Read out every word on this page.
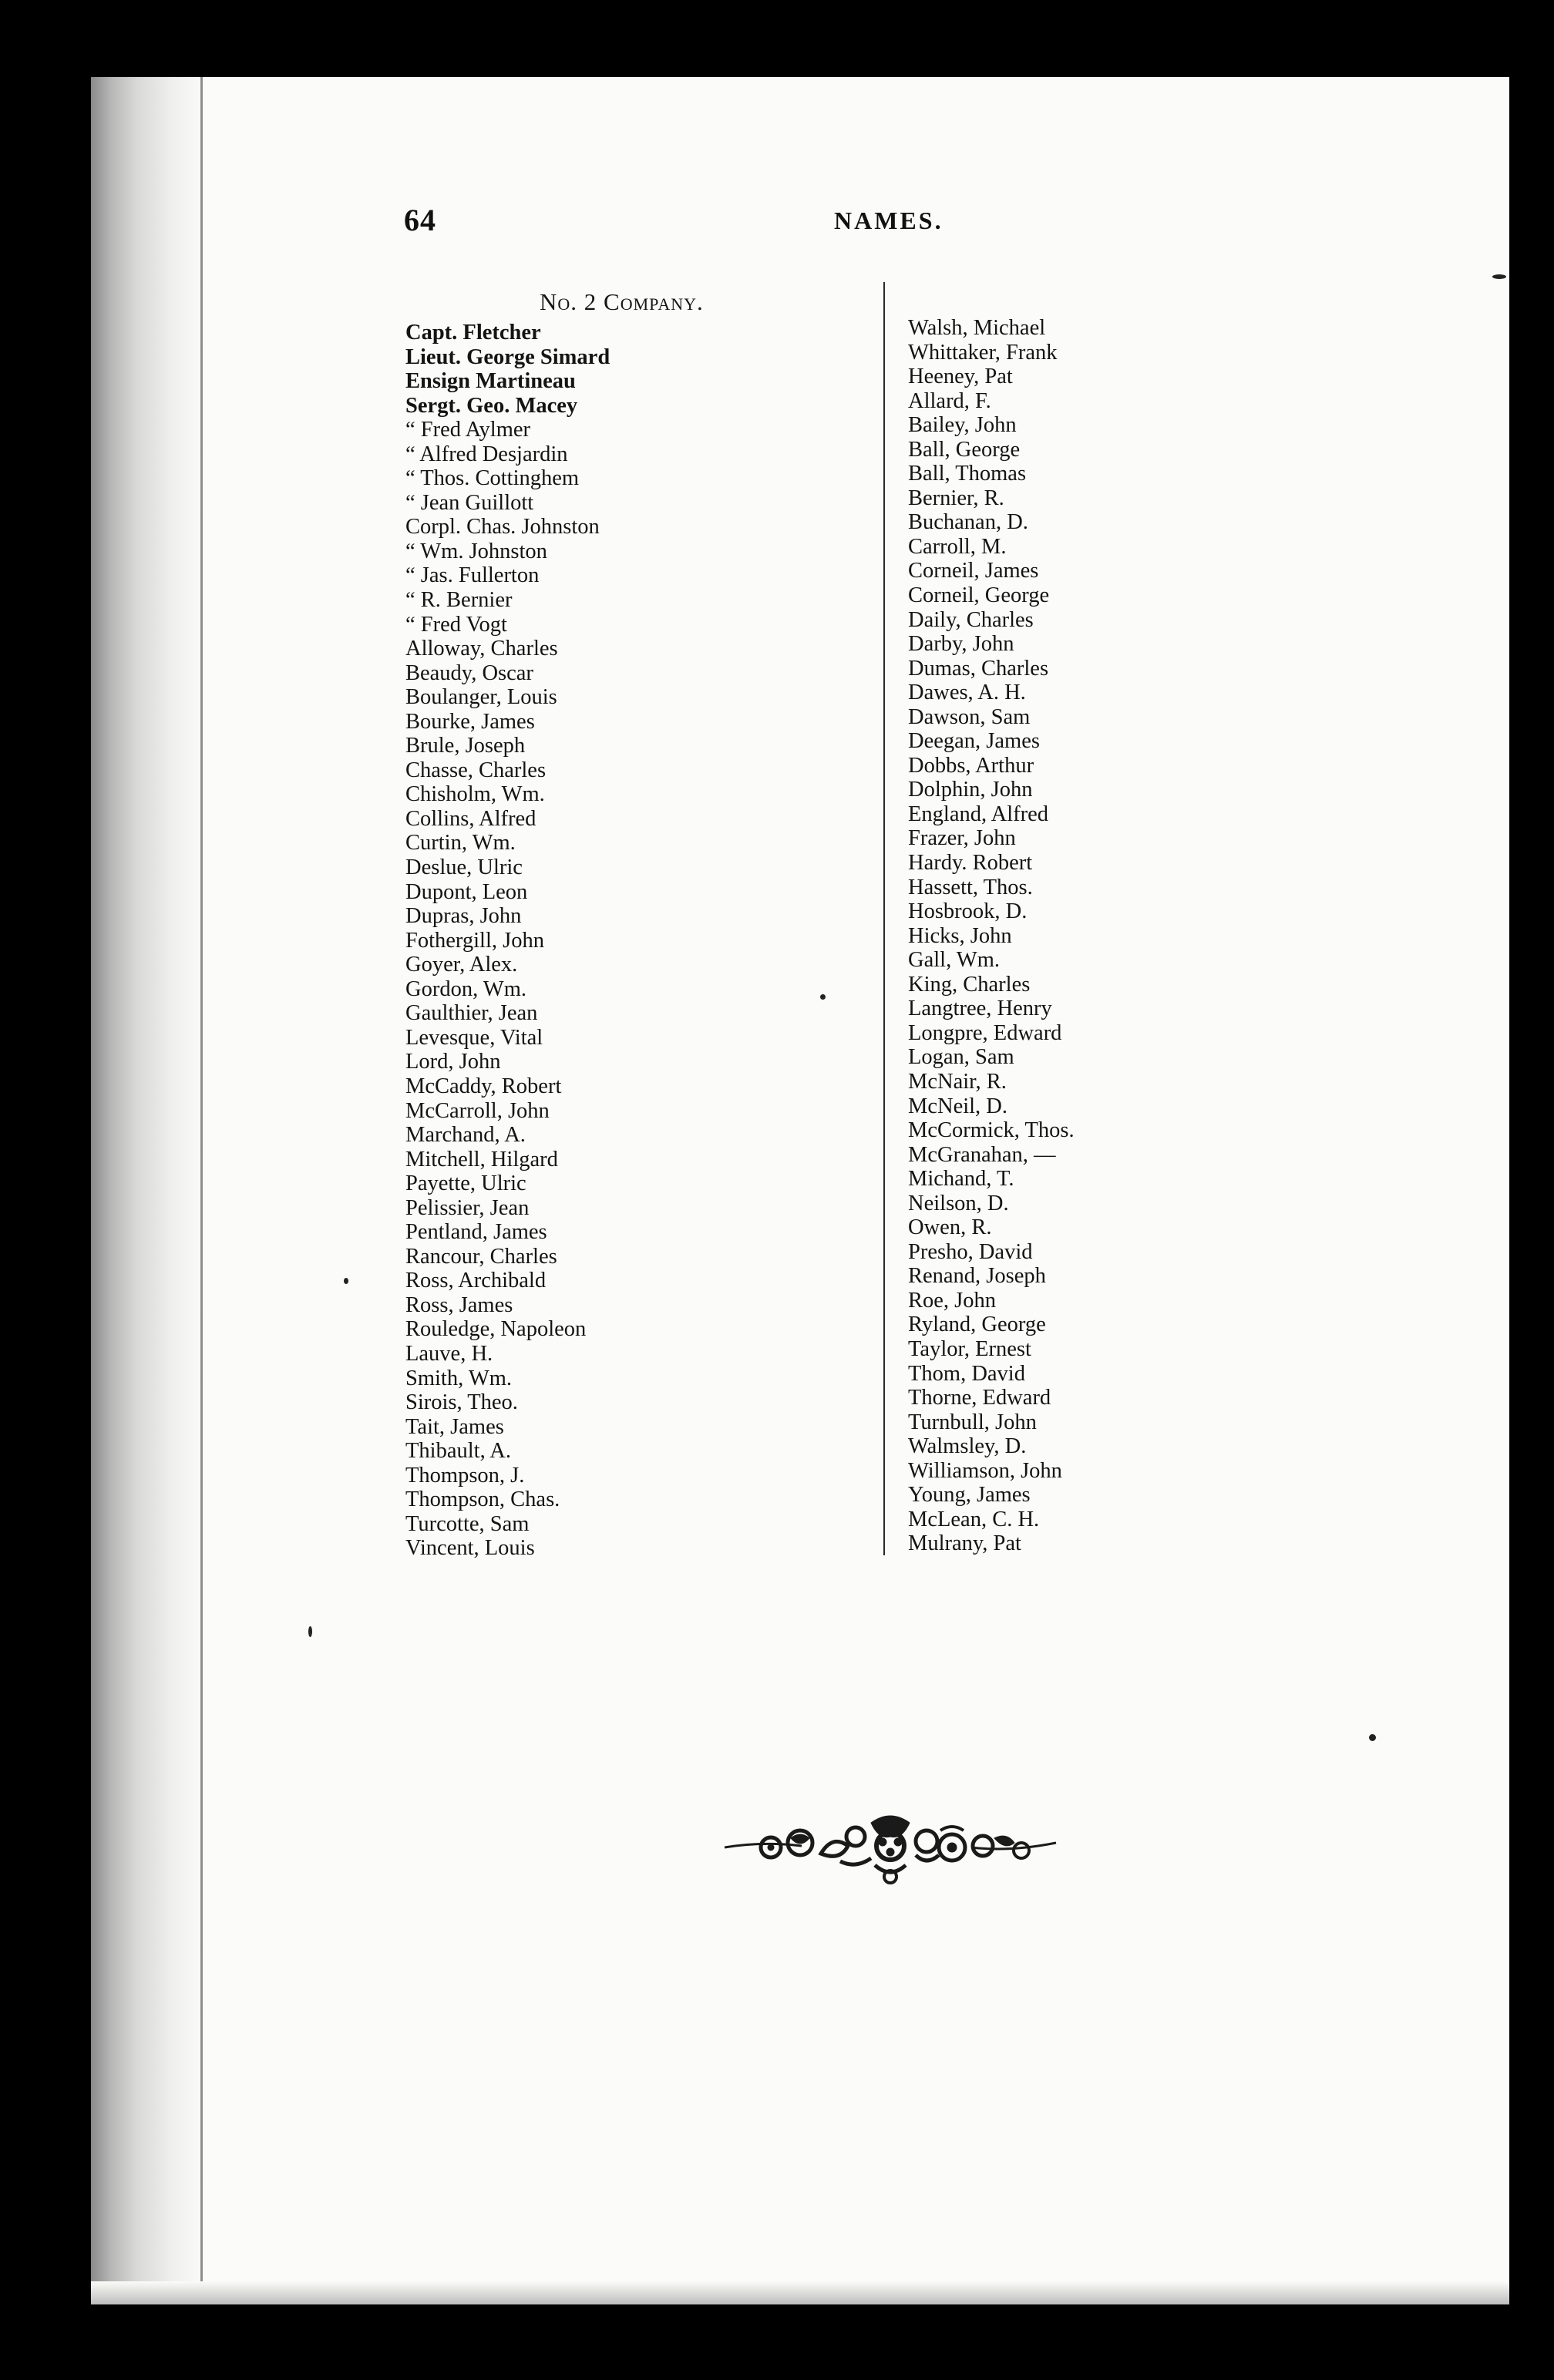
64	NAMES.
No. 2 Company.
Capt. Fletcher
Lieut. George Simard
Ensign Martineau
Sergt. Geo. Macey
“ Fred Aylmer
“ Alfred Desjardin
“ Thos. Cottinghem
“ Jean Guillott
Corpl. Chas. Johnston
“ Wm. Johnston
“ Jas. Fullerton
“ R. Bernier
“ Fred Vogt
Alloway, Charles
Beaudy, Oscar
Boulanger, Louis
Bourke, James
Brule, Joseph
Chasse, Charles
Chisholm, Wm.
Collins, Alfred
Curtin, Wm.
Deslue, Ulric
Dupont, Leon
Dupras, John
Fothergill, John
Goyer, Alex.
Gordon, Wm.
Gaulthier, Jean
Levesque, Vital
Lord, John
McCaddy, Robert
McCarroll, John
Marchand, A.
Mitchell, Hilgard
Payette, Ulric
Pelissier, Jean
Pentland, James
Rancour, Charles
Ross, Archibald
Ross, James
Rouledge, Napoleon
Lauve, H.
Smith, Wm.
Sirois, Theo.
Tait, James
Thibault, A.
Thompson, J.
Thompson, Chas.
Turcotte, Sam
Vincent, Louis
Walsh, Michael
Whittaker, Frank
Heeney, Pat
Allard, F.
Bailey, John
Ball, George
Ball, Thomas
Bernier, R.
Buchanan, D.
Carroll, M.
Corneil, James
Corneil, George
Daily, Charles
Darby, John
Dumas, Charles
Dawes, A. H.
Dawson, Sam
Deegan, James
Dobbs, Arthur
Dolphin, John
England, Alfred
Frazer, John
Hardy. Robert
Hassett, Thos.
Hosbrook, D.
Hicks, John
Gall, Wm.
King, Charles
Langtree, Henry
Longpre, Edward
Logan, Sam
McNair, R.
McNeil, D.
McCormick, Thos.
McGranahan, —
Michand, T.
Neilson, D.
Owen, R.
Presho, David
Renand, Joseph
Roe, John
Ryland, George
Taylor, Ernest
Thom, David
Thorne, Edward
Turnbull, John
Walmsley, D.
Williamson, John
Young, James
McLean, C. H.
Mulrany, Pat
